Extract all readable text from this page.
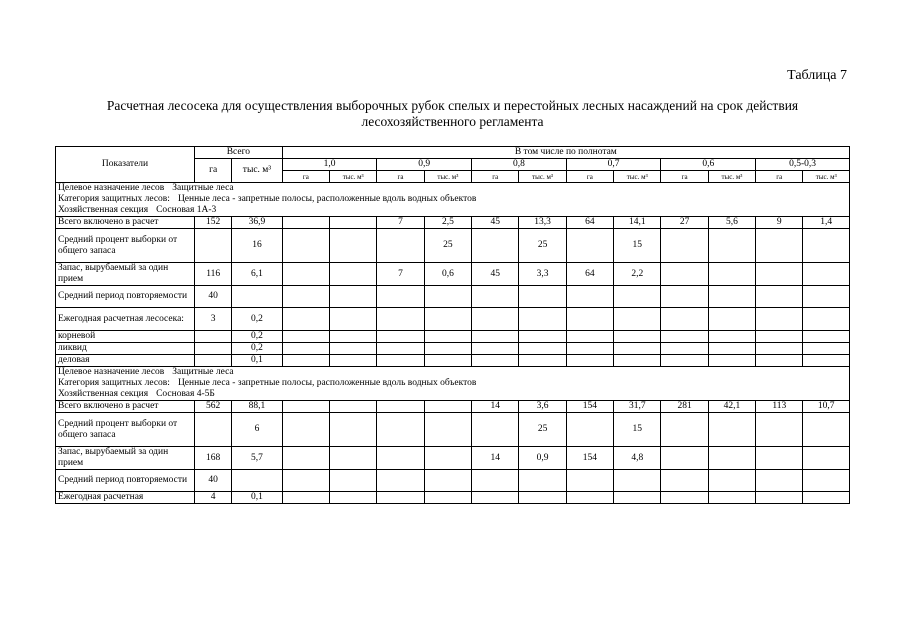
Таблица 7
Расчетная лесосека для осуществления выборочных рубок спелых и перестойных лесных насаждений на срок действия лесохозяйственного регламента
Показатели	Всего		В том числе по полнотам											
	га	тыс. м³	1,0		0,9		0,8		0,7		0,6		0,5-0,3	
			га	тыс. м³	га	тыс. м³	га	тыс. м³	га	тыс. м³	га	тыс. м³	га	тыс. м³
Целевое назначение лесов Защитные леса														
Категория защитных лесов: Ценные леса - запретные полосы, расположенные вдоль водных объектов														
Хозяйственная секция Сосновая 1А-3														
Всего включено в расчет	152	36,9			7	2,5	45	13,3	64	14,1	27	5,6	9	1,4
Средний процент выборки от общего запаса		16				25		25		15				
Запас, вырубаемый за один прием	116	6,1			7	0,6	45	3,3	64	2,2				
Средний период повторяемости	40													
Ежегодная расчетная лесосека:	3	0,2												
корневой		0,2												
ликвид		0,2												
деловая		0,1												
Целевое назначение лесов Защитные леса														
Категория защитных лесов: Ценные леса - запретные полосы, расположенные вдоль водных объектов														
Хозяйственная секция Сосновая 4-5Б														
Всего включено в расчет	562	88,1					14	3,6	154	31,7	281	42,1	113	10,7
Средний процент выборки от общего запаса		6						25		15				
Запас, вырубаемый за один прием	168	5,7					14	0,9	154	4,8				
Средний период повторяемости	40													
Ежегодная расчетная	4	0,1												
